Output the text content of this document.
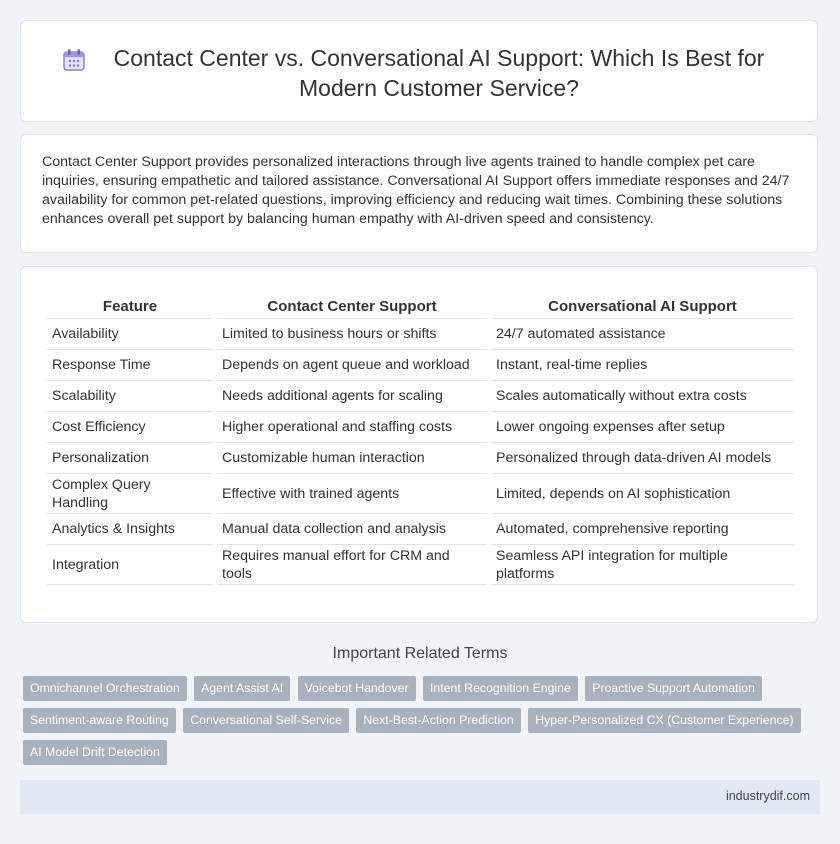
Contact Center vs. Conversational AI Support: Which Is Best for Modern Customer Service?

Contact Center Support provides personalized interactions through live agents trained to handle complex pet care inquiries, ensuring empathetic and tailored assistance. Conversational AI Support offers immediate responses and 24/7 availability for common pet-related questions, improving efficiency and reducing wait times. Combining these solutions enhances overall pet support by balancing human empathy with AI-driven speed and consistency.

Feature	Contact Center Support	Conversational AI Support
Availability	Limited to business hours or shifts	24/7 automated assistance
Response Time	Depends on agent queue and workload	Instant, real-time replies
Scalability	Needs additional agents for scaling	Scales automatically without extra costs
Cost Efficiency	Higher operational and staffing costs	Lower ongoing expenses after setup
Personalization	Customizable human interaction	Personalized through data-driven AI models
Complex Query Handling	Effective with trained agents	Limited, depends on AI sophistication
Analytics & Insights	Manual data collection and analysis	Automated, comprehensive reporting
Integration	Requires manual effort for CRM and tools	Seamless API integration for multiple platforms
Important Related Terms
Omnichannel Orchestration Agent Assist AI Voicebot Handover Intent Recognition Engine Proactive Support Automation Sentiment-aware Routing Conversational Self-Service Next-Best-Action Prediction Hyper-Personalized CX (Customer Experience) AI Model Drift Detection
industrydif.com
